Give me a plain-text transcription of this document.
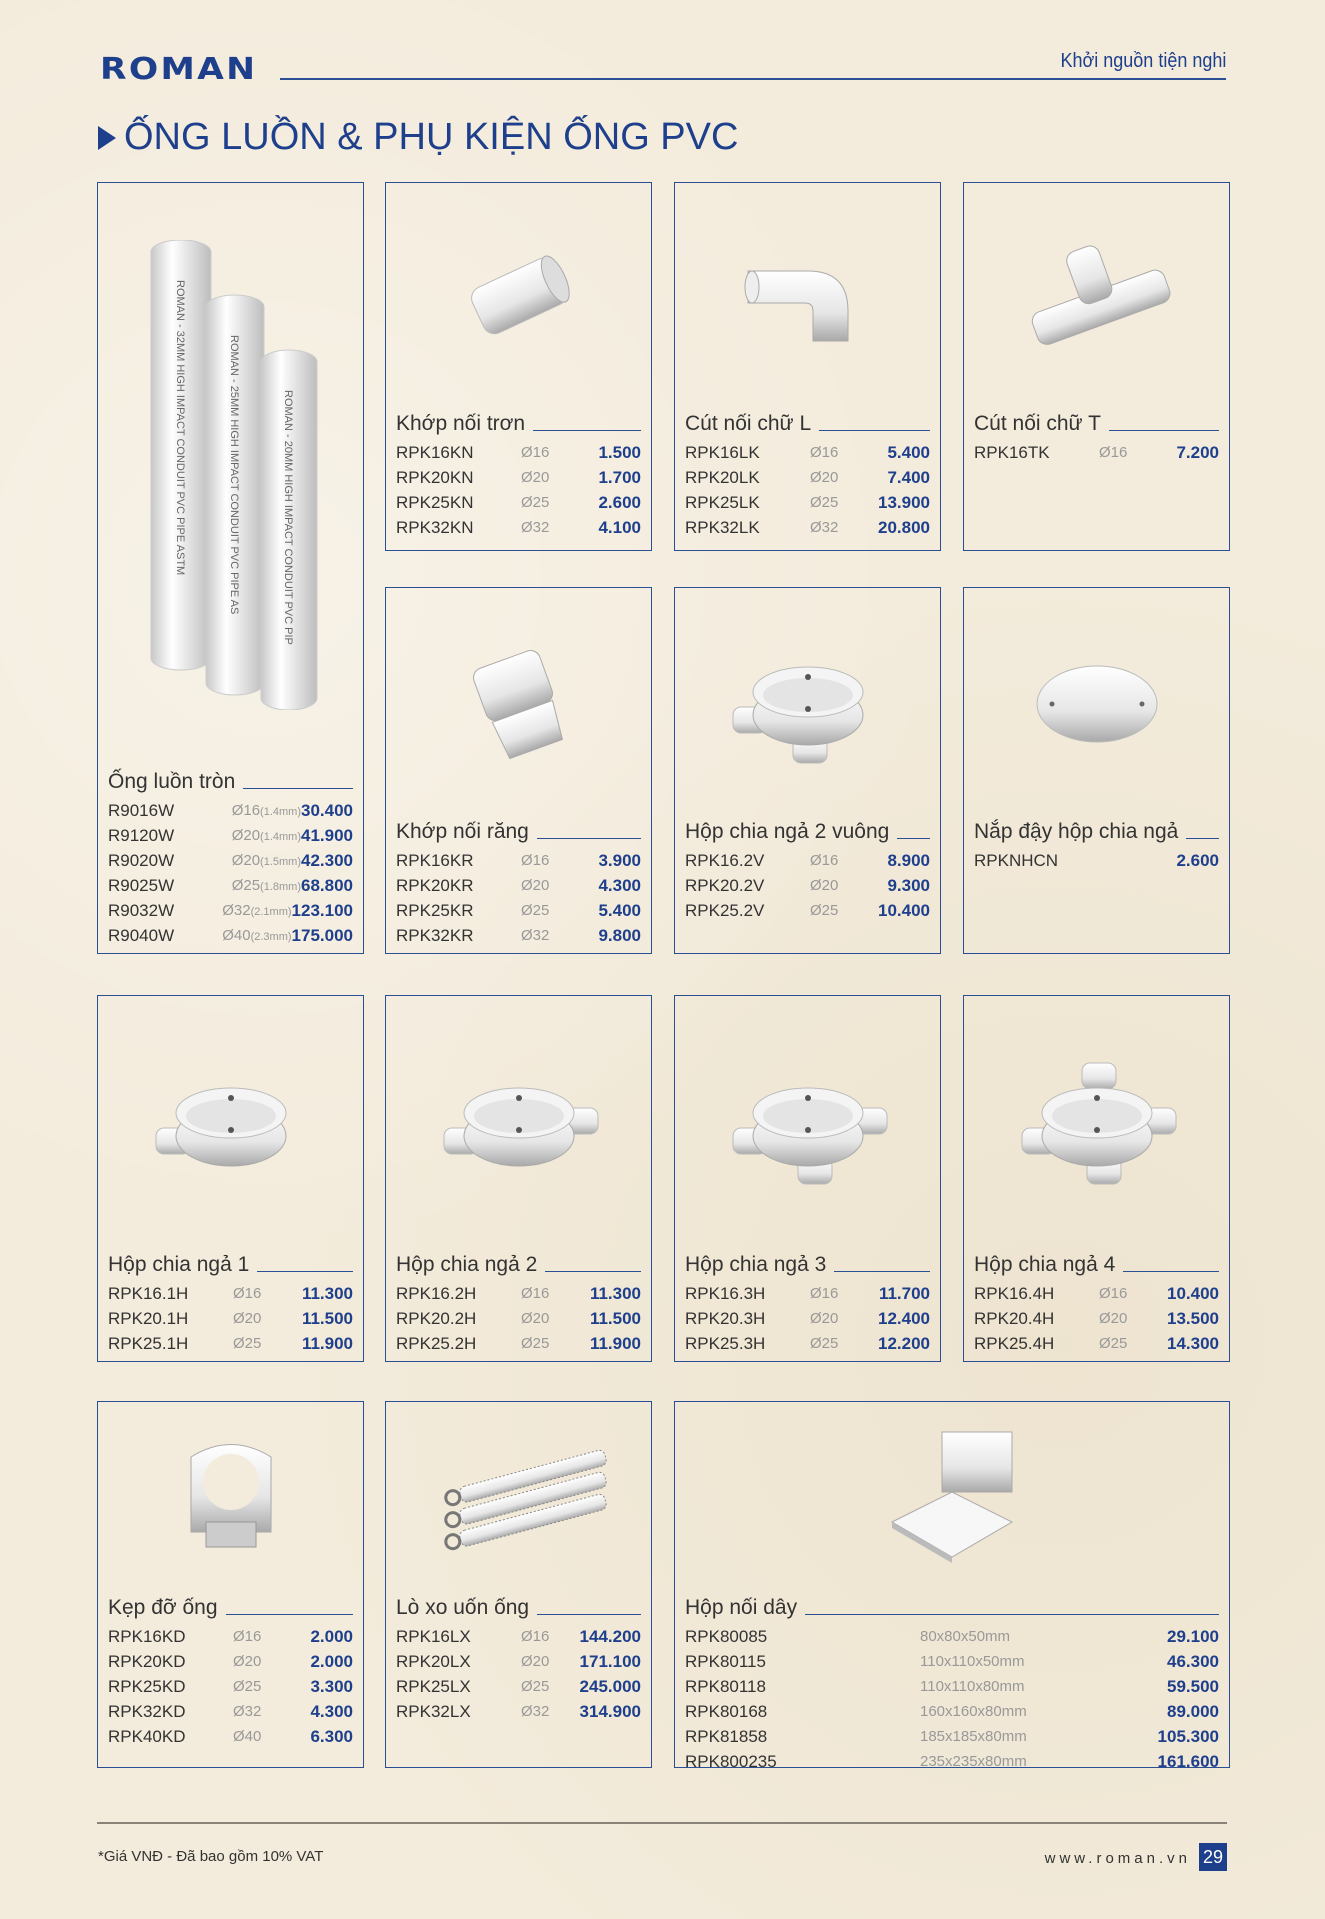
ROMAN	Khởi nguồn tiện nghi
ỐNG LUỒN & PHỤ KIỆN ỐNG PVC
ROMAN - 32MM HIGH IMPACT CONDUIT PVC PIPE ASTM	ROMAN - 25MM HIGH IMPACT CONDUIT PVC PIPE AS	ROMAN - 20MM HIGH IMPACT CONDUIT PVC PIP
Ống luồn tròn
R9016W	Ø16(1.4mm) 30.400
R9120W	Ø20(1.4mm) 41.900
R9020W	Ø20(1.5mm) 42.300
R9025W	Ø25(1.8mm) 68.800
R9032W	Ø32(2.1mm) 123.100
R9040W	Ø40(2.3mm) 175.000
Khớp nối trơn
RPK16KN	Ø16	1.500
RPK20KN	Ø20	1.700
RPK25KN	Ø25	2.600
RPK32KN	Ø32	4.100
Cút nối chữ L
RPK16LK	Ø16	5.400
RPK20LK	Ø20	7.400
RPK25LK	Ø25	13.900
RPK32LK	Ø32	20.800
Cút nối chữ T
RPK16TK	Ø16	7.200
Khớp nối răng
RPK16KR	Ø16	3.900
RPK20KR	Ø20	4.300
RPK25KR	Ø25	5.400
RPK32KR	Ø32	9.800
Hộp chia ngả 2 vuông
RPK16.2V	Ø16	8.900
RPK20.2V	Ø20	9.300
RPK25.2V	Ø25	10.400
Nắp đậy hộp chia ngả
RPKNHCN	2.600
Hộp chia ngả 1
RPK16.1H	Ø16	11.300
RPK20.1H	Ø20	11.500
RPK25.1H	Ø25	11.900
Hộp chia ngả 2
RPK16.2H	Ø16	11.300
RPK20.2H	Ø20	11.500
RPK25.2H	Ø25	11.900
Hộp chia ngả 3
RPK16.3H	Ø16	11.700
RPK20.3H	Ø20	12.400
RPK25.3H	Ø25	12.200
Hộp chia ngả 4
RPK16.4H	Ø16	10.400
RPK20.4H	Ø20	13.500
RPK25.4H	Ø25	14.300
Kẹp đỡ ống
RPK16KD	Ø16	2.000
RPK20KD	Ø20	2.000
RPK25KD	Ø25	3.300
RPK32KD	Ø32	4.300
RPK40KD	Ø40	6.300
Lò xo uốn ống
RPK16LX	Ø16	144.200
RPK20LX	Ø20	171.100
RPK25LX	Ø25	245.000
RPK32LX	Ø32	314.900
Hộp nối dây
RPK80085	80x80x50mm	29.100
RPK80115	110x110x50mm	46.300
RPK80118	110x110x80mm	59.500
RPK80168	160x160x80mm	89.000
RPK81858	185x185x80mm	105.300
RPK800235	235x235x80mm	161.600
*Giá VNĐ - Đã bao gồm 10% VAT	www.roman.vn 29
